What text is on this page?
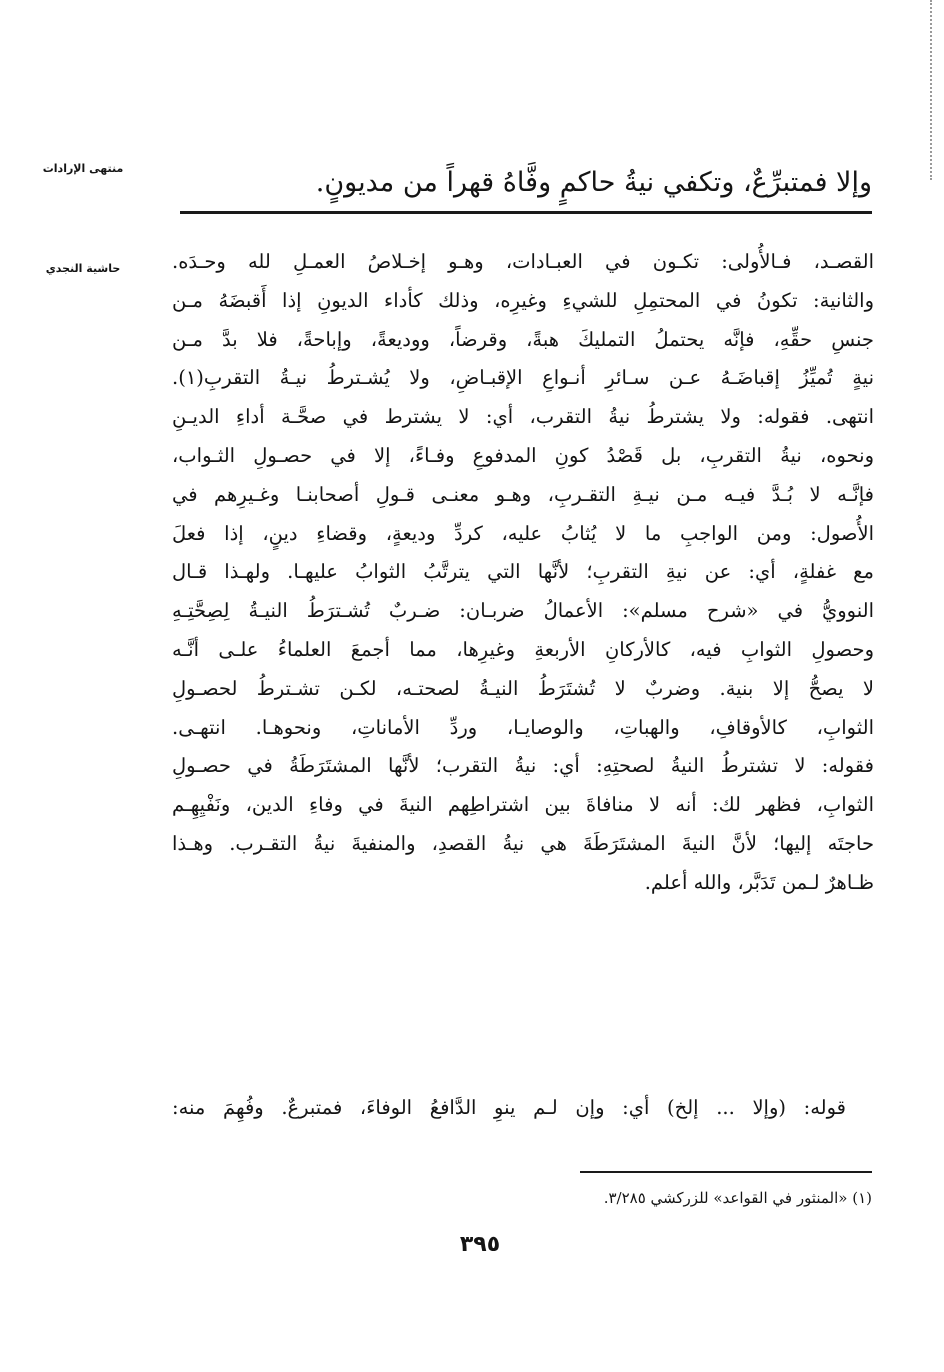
منتهى الإرادات	وإلا فمتبرِّعٌ، وتكفي نيةُ حاكمٍ وفَّاهُ قهراً من مديونٍ.
حاشية النجدي	القصـد، فـالأُولى: تكـون في العبـادات، وهـو إخـلاصُ العمـلِ لله وحـدَه.
والثانية: تكونُ في المحتمِلِ للشيءِ وغيرِه، وذلك كأداء الديونِ إذا أَقبضَهُ مـن
جنسِ حقِّهِ، فإنَّه يحتملُ التمليكَ هبةً، وقرضاً، ووديعةً، وإباحةً، فلا بدَّ مـن
نيةٍ تُميِّزُ إقباضَـهُ عـن سـائرِ أنـواعِ الإقبـاضِ، ولا يُشـترطُ نيـةُ التقربِ(١).
انتهى. فقوله: ولا يشترطُ نيةُ التقرب، أي: لا يشترط في صحَّـة أداءِ الديـنِ
ونحوه، نيةُ التقربِ، بل قَصْدُ كونِ المدفوعِ وفـاءً، إلا في حصـولِ الثـواب،
فإنَّـه لا بُـدَّ فيـه مـن نيـةِ التقـربِ، وهـو معنـى قـولِ أصحابنـا وغـيرِهم في
الأُصول: ومن الواجبِ ما لا يُثابُ عليه، كردِّ وديعةٍ، وقضاءِ دينٍ، إذا فعلَ
مع غفلةٍ، أي: عن نيةِ التقربِ؛ لأنَّها التي يترتَّبُ الثوابُ عليهـا. ولهـذا قـال
النوويُّ في «شرح مسلم»: الأعمالُ ضربـان: ضـربٌ تُشـترَطُ النيـةُ لِصِحَّتِـهِ
وحصولِ الثوابِ فيه، كالأركانِ الأربعةِ وغيرِها، مما أجمعَ العلماءُ علـى أنَّـه
لا يصحُّ إلا بنية. وضربٌ لا تُشتَرَطُ النيـةُ لصحتـه، لكـن تشـترطُ لحصـولِ
الثوابِ، كالأوقافِ، والهباتِ، والوصايـا، وردِّ الأماناتِ، ونحوهـا. انتهـى.
فقوله: لا تشترطُ النيةُ لصحتِهِ: أي: نيةُ التقرب؛ لأنَّها المشتَرَطَةُ في حصـولِ
الثوابِ، فظهر لك: أنه لا منافاةَ بين اشتراطِهم النيةَ في وفاءِ الدين، ونَفْيِهِـم
حاجتَه إليها؛ لأنَّ النيةَ المشتَرَطَةَ هي نيةُ القصدِ، والمنفيةَ نيةُ التقـرب. وهـذا
ظـاهرٌ لـمن تَدَبَّر، والله أعلم.
قوله: (وإلا ... إلخ) أي: وإن لـم ينوِ الدَّافعُ الوفاءَ، فمتبرعٌ. وفُهِمَ منه:
(١) «المنثور في القواعد» للزركشي ٣/٢٨٥.
٣٩٥
